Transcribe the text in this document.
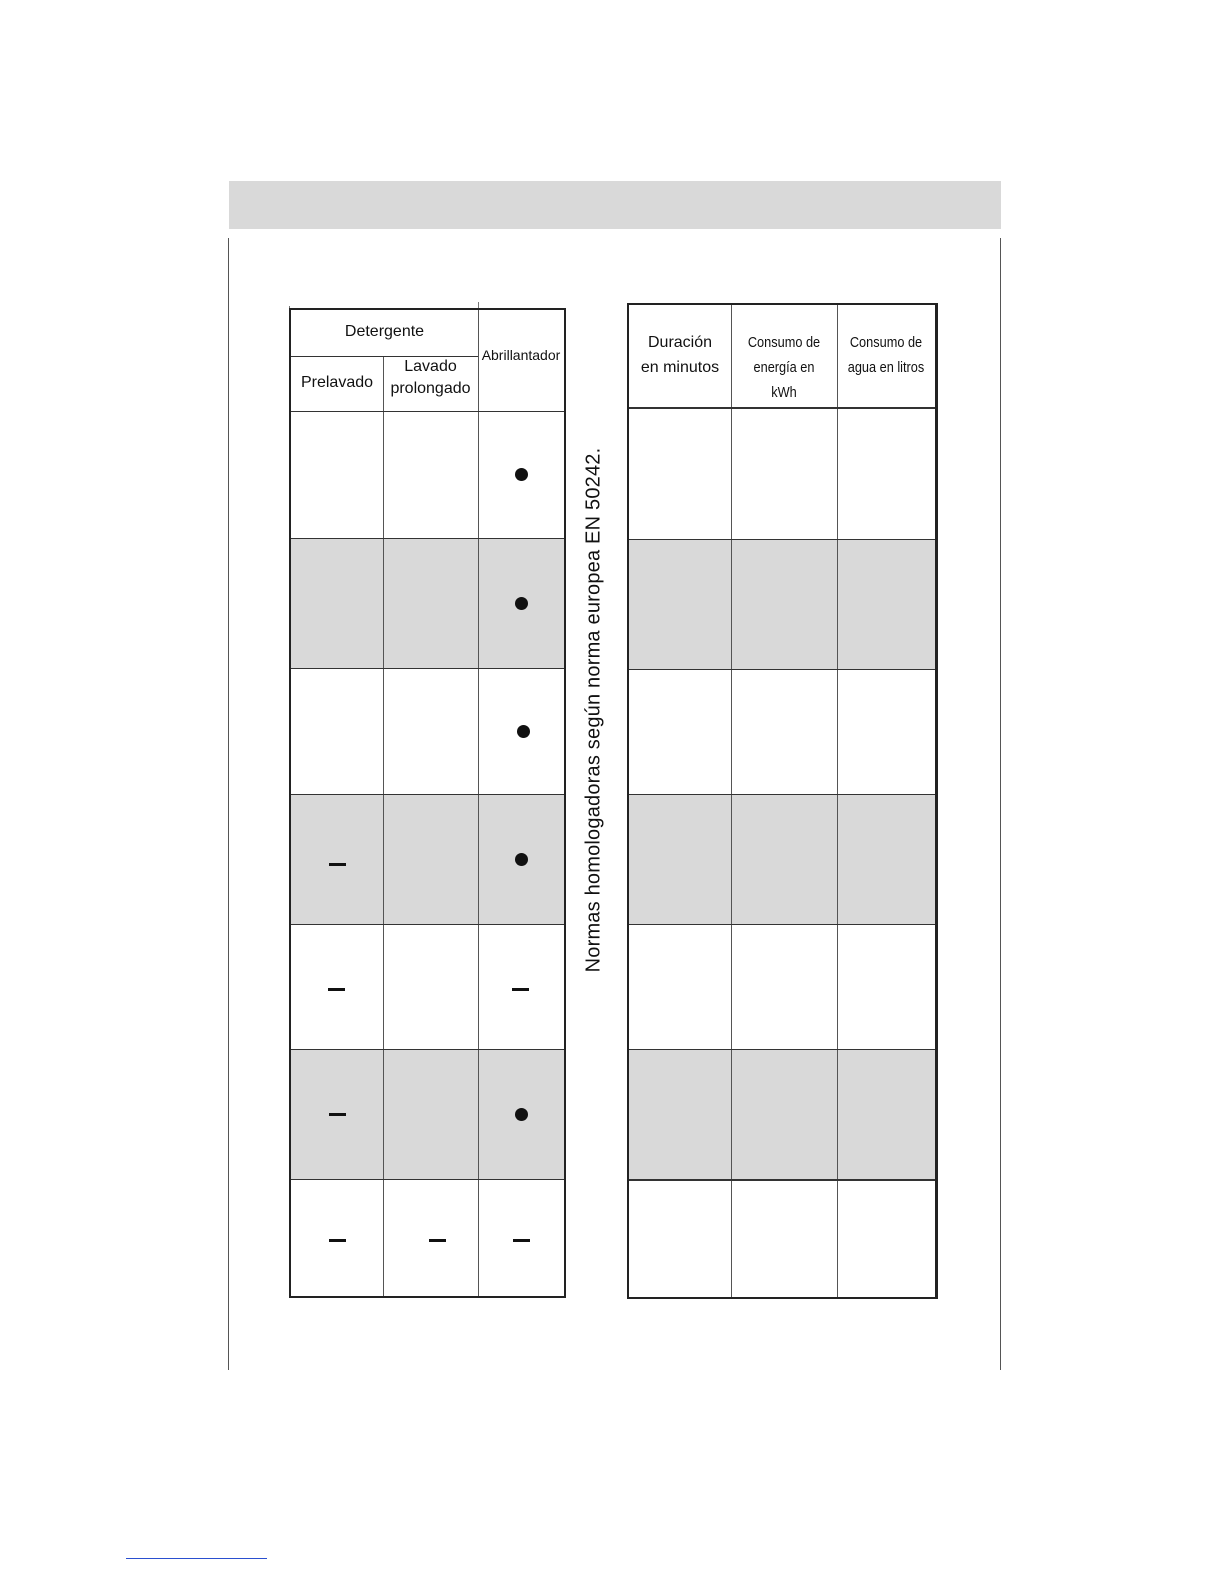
Detergente
Prelavado
Lavado
prolongado
Abrillantador
Normas homologadoras según norma europea EN 50242.
Duración
en minutos
Consumo de
energía en
kWh
Consumo de
agua en litros
